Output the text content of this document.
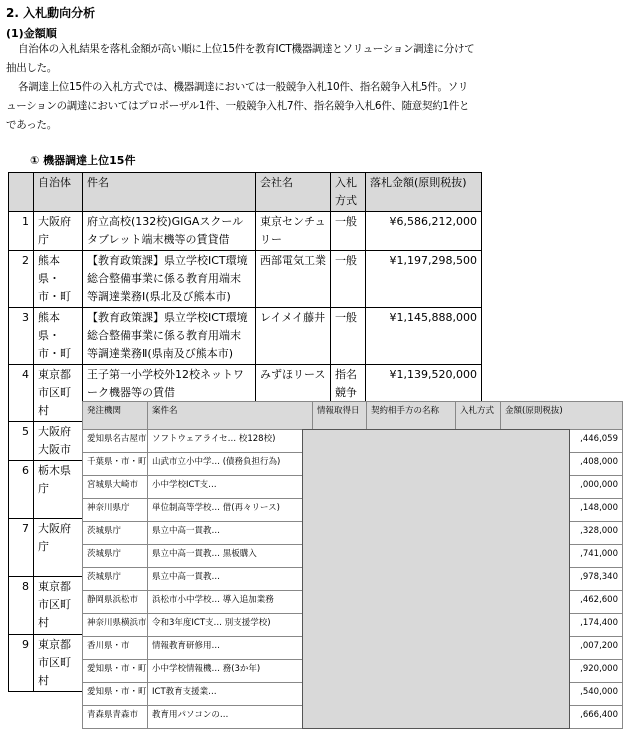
2. 入札動向分析
(1)金額順

自治体の入札結果を落札金額が高い順に上位15件を教育ICT機器調達とソリューション調達に分けて抽出した。

各調達上位15件の入札方式では、機器調達においては一般競争入札10件、指名競争入札5件。ソリューションの調達においてはプロポーザル1件、一般競争入札7件、指名競争入札6件、随意契約1件とであった。

① 機器調達上位15件
	自治体	件名	会社名	入札方式	落札金額(原則税抜)
1	大阪府庁	府立高校(132校)GIGAスクールタブレット端末機等の賃貸借	東京センチュリー	一般	¥6,586,212,000
2	熊本県・市・町	【教育政策課】県立学校ICT環境総合整備事業に係る教育用端末等調達業務Ⅰ(県北及び熊本市)	西部電気工業	一般	¥1,197,298,500
3	熊本県・市・町	【教育政策課】県立学校ICT環境総合整備事業に係る教育用端末等調達業務Ⅱ(県南及び熊本市)	レイメイ藤井	一般	¥1,145,888,000
4	東京都市区町村	王子第一小学校外12校ネットワーク機器等の賃借	みずほリース	指名競争	¥1,139,520,000
5	大阪府大阪市				
6	栃木県庁				
7	大阪府庁				
8	東京都市区町村				
9	東京都市区町村				
発注機関	案件名	情報取得日	契約相手方の名称	入札方式	金額(原則税抜)
愛知県名古屋市	ソフトウェアライセ… 校128校)				,446,059
千葉県・市・町	山武市立小中学… (債務負担行為)				,408,000
宮城県大崎市	小中学校ICT支…				,000,000
神奈川県庁	単位制高等学校… 借(再々リース)				,148,000
茨城県庁	県立中高一貫教…				,328,000
茨城県庁	県立中高一貫教… 黒板購入				,741,000
茨城県庁	県立中高一貫教…				,978,340
静岡県浜松市	浜松市小中学校… 導入追加業務				,462,600
神奈川県横浜市	令和3年度ICT支… 別支援学校)				,174,400
香川県・市	情報教育研修用…				,007,200
愛知県・市・町	小中学校情報機… 務(3か年)				,920,000
愛知県・市・町	ICT教育支援業…				,540,000
青森県青森市	教育用パソコンの…				,666,400
